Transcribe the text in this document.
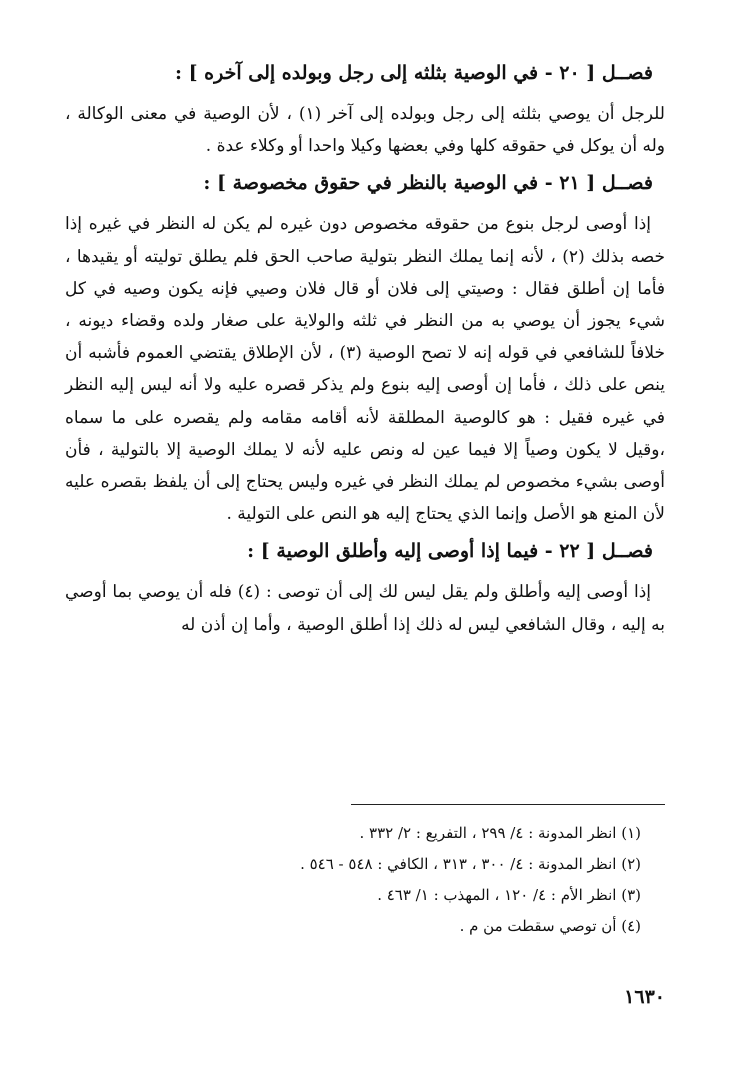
فصــل [ ٢٠ - في الوصية بثلثه إلى رجل وبولده إلى آخره ] :

للرجل أن يوصي بثلثه إلى رجل وبولده إلى آخر (١) ، لأن الوصية في معنى الوكالة ، وله أن يوكل في حقوقه كلها وفي بعضها وكيلا واحدا أو وكلاء عدة .

فصــل [ ٢١ - في الوصية بالنظر في حقوق مخصوصة ] :

إذا أوصى لرجل بنوع من حقوقه مخصوص دون غيره لم يكن له النظر في غيره إذا خصه بذلك (٢) ، لأنه إنما يملك النظر بتولية صاحب الحق فلم يطلق توليته أو يقيدها ، فأما إن أطلق فقال : وصيتي إلى فلان أو قال فلان وصيي فإنه يكون وصيه في كل شيء يجوز أن يوصي به من النظر في ثلثه والولاية على صغار ولده وقضاء ديونه ، خلافاً للشافعي في قوله إنه لا تصح الوصية (٣) ، لأن الإطلاق يقتضي العموم فأشبه أن ينص على ذلك ، فأما إن أوصى إليه بنوع ولم يذكر قصره عليه ولا أنه ليس إليه النظر في غيره فقيل : هو كالوصية المطلقة لأنه أقامه مقامه ولم يقصره على ما سماه ،وقيل لا يكون وصياً إلا فيما عين له ونص عليه لأنه لا يملك الوصية إلا بالتولية ، فأن أوصى بشيء مخصوص لم يملك النظر في غيره وليس يحتاج إلى أن يلفظ بقصره عليه لأن المنع هو الأصل وإنما الذي يحتاج إليه هو النص على التولية .

فصــل [ ٢٢ - فيما إذا أوصى إليه وأطلق الوصية ] :

إذا أوصى إليه وأطلق ولم يقل ليس لك إلى أن توصى : (٤) فله أن يوصي بما أوصي به إليه ، وقال الشافعي ليس له ذلك إذا أطلق الوصية ، وأما إن أذن له

(١) انظر المدونة : ٤/ ٢٩٩ ، التفريع : ٢/ ٣٣٢ .
(٢) انظر المدونة : ٤/ ٣٠٠ ، ٣١٣ ، الكافي : ٥٤٨ - ٥٤٦ .
(٣) انظر الأم : ٤/ ١٢٠ ، المهذب : ١/ ٤٦٣ .
(٤) أن توصي سقطت من م .
١٦٣٠
